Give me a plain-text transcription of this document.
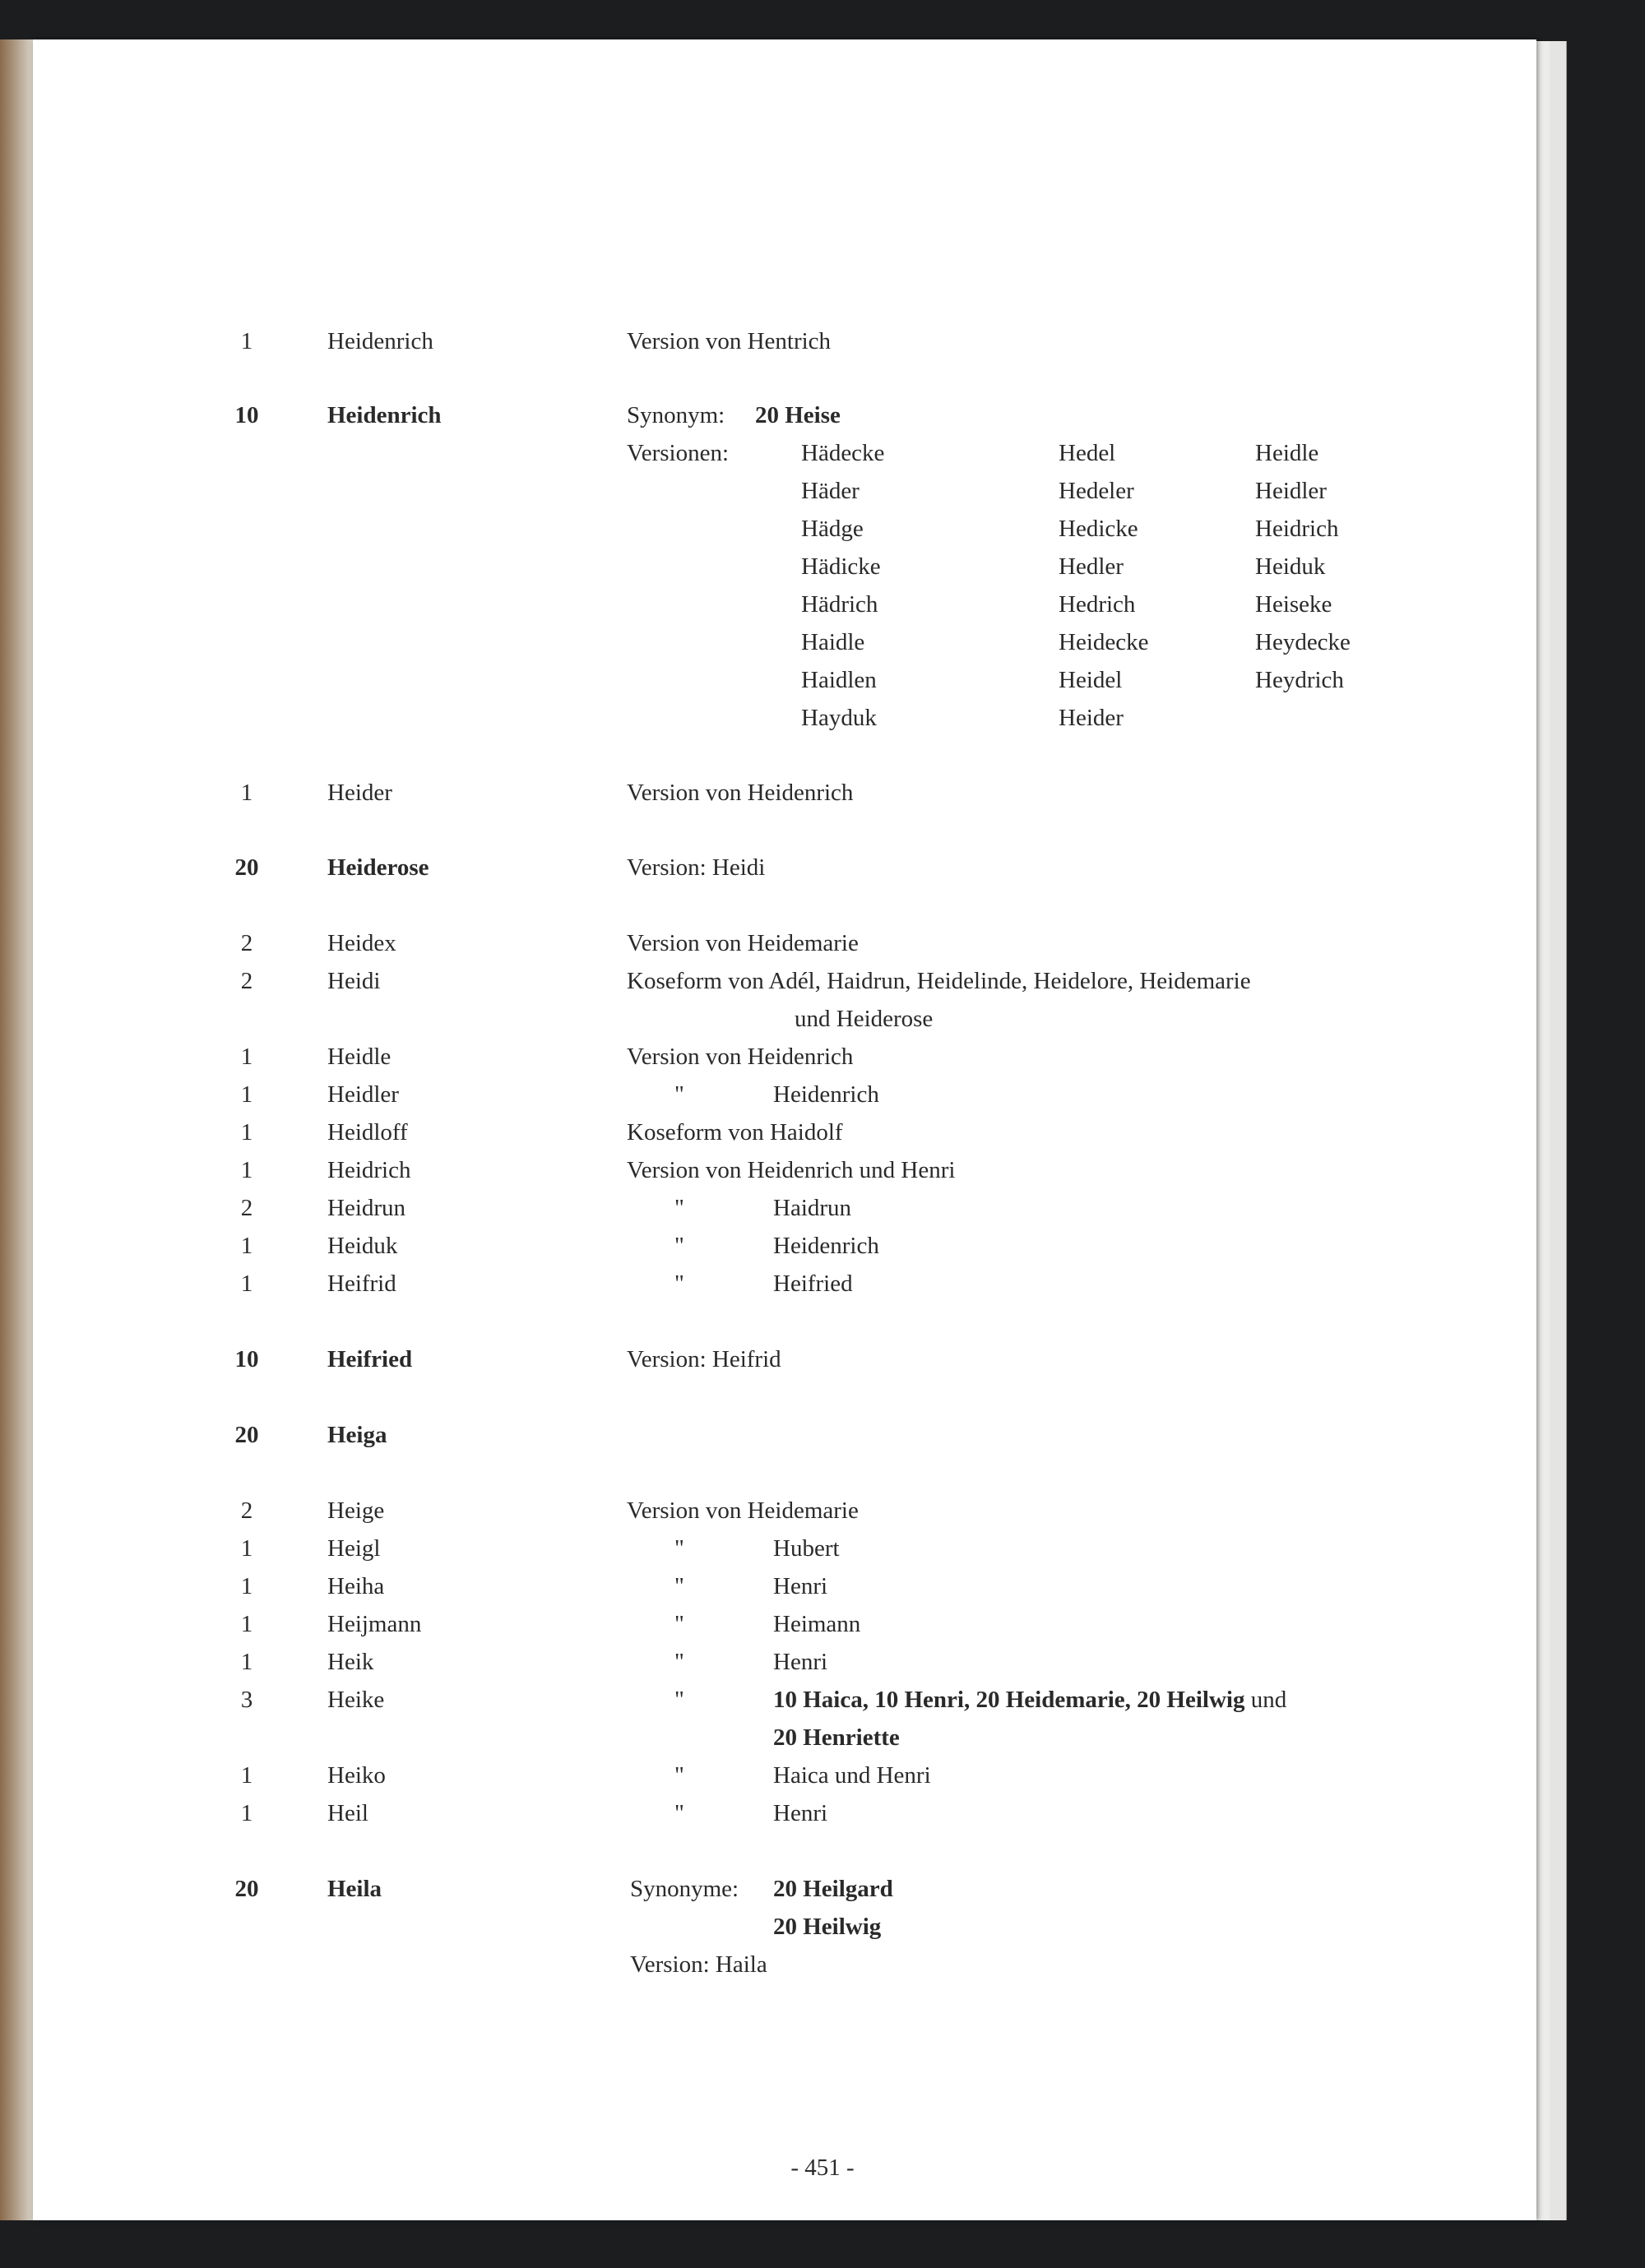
1	Heidenrich	Version von Hentrich
10	Heidenrich	Synonym: 20 Heise
Versionen:	Hädecke	Hedel	Heidle
Häder	Hedeler	Heidler
Hädge	Hedicke	Heidrich
Hädicke	Hedler	Heiduk
Hädrich	Hedrich	Heiseke
Haidle	Heidecke	Heydecke
Haidlen	Heidel	Heydrich
Hayduk	Heider
1	Heider	Version von Heidenrich
20	Heiderose	Version: Heidi
2	Heidex	Version von Heidemarie
2	Heidi	Koseform von Adél, Haidrun, Heidelinde, Heidelore, Heidemarie
und Heiderose
1	Heidle	Version von Heidenrich
1	Heidler	"	Heidenrich
1	Heidloff	Koseform von Haidolf
1	Heidrich	Version von Heidenrich und Henri
2	Heidrun	"	Haidrun
1	Heiduk	"	Heidenrich
1	Heifrid	"	Heifried
10	Heifried	Version: Heifrid
20	Heiga
2	Heige	Version von Heidemarie
1	Heigl	"	Hubert
1	Heiha	"	Henri
1	Heijmann	"	Heimann
1	Heik	"	Henri
3	Heike	"	10 Haica, 10 Henri, 20 Heidemarie, 20 Heilwig und
20 Henriette
1	Heiko	"	Haica und Henri
1	Heil	"	Henri
20	Heila	Synonyme: 20 Heilgard
20 Heilwig
Version: Haila
- 451 -
